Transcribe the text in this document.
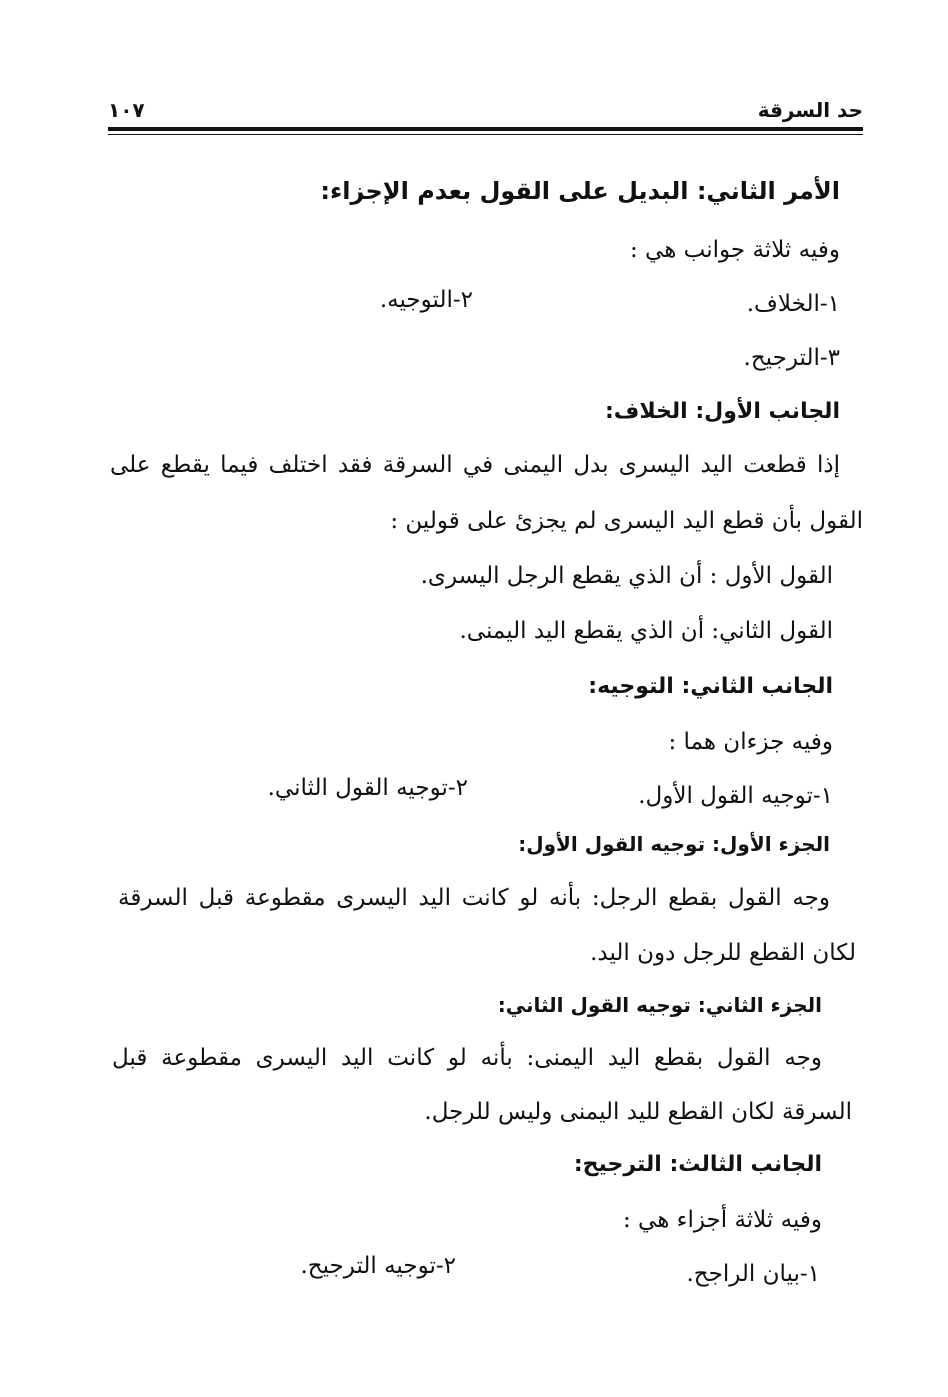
حد السرقة
١٠٧
الأمر الثاني: البديل على القول بعدم الإجزاء:
وفيه ثلاثة جوانب هي :
١-الخلاف.
٢-التوجيه.
٣-الترجيح.
الجانب الأول: الخلاف:
إذا قطعت اليد اليسرى بدل اليمنى في السرقة فقد اختلف فيما يقطع على
القول بأن قطع اليد اليسرى لم يجزئ على قولين :
القول الأول : أن الذي يقطع الرجل اليسرى.
القول الثاني: أن الذي يقطع اليد اليمنى.
الجانب الثاني: التوجيه:
وفيه جزءان هما :
١-توجيه القول الأول.
٢-توجيه القول الثاني.
الجزء الأول: توجيه القول الأول:
وجه القول بقطع الرجل: بأنه لو كانت اليد اليسرى مقطوعة قبل السرقة
لكان القطع للرجل دون اليد.
الجزء الثاني: توجيه القول الثاني:
وجه القول بقطع اليد اليمنى: بأنه لو كانت اليد اليسرى مقطوعة قبل
السرقة لكان القطع لليد اليمنى وليس للرجل.
الجانب الثالث: الترجيح:
وفيه ثلاثة أجزاء هي :
١-بيان الراجح.
٢-توجيه الترجيح.
